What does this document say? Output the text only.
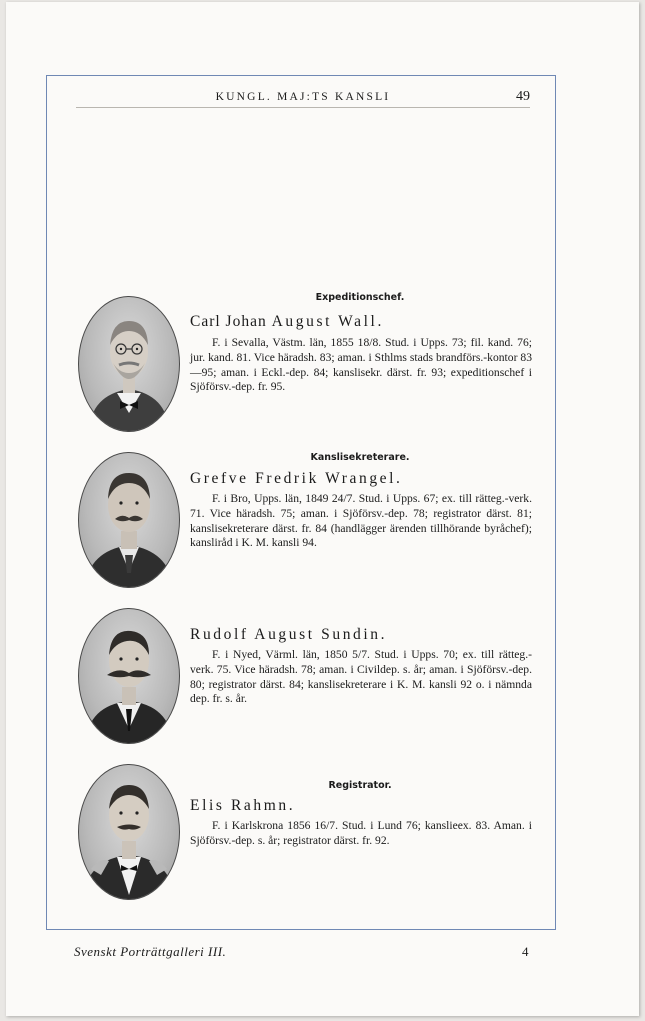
KUNGL. MAJ:TS KANSLI	49
Expeditionschef.
Carl Johan August Wall.

F. i Sevalla, Västm. län, 1855 18/8. Stud. i Upps. 73; fil. kand. 76; jur. kand. 81. Vice häradsh. 83; aman. i Sthlms stads brandförs.-kontor 83—95; aman. i Eckl.-dep. 84; kanslisekr. därst. fr. 93; expeditionschef i Sjöförsv.-dep. fr. 95.

Kanslisekreterare.
Grefve Fredrik Wrangel.

F. i Bro, Upps. län, 1849 24/7. Stud. i Upps. 67; ex. till rätteg.-verk. 71. Vice häradsh. 75; aman. i Sjöförsv.-dep. 78; registrator därst. 81; kanslisekreterare därst. fr. 84 (handlägger ärenden tillhörande byråchef); kansliråd i K. M. kansli 94.

Rudolf August Sundin.

F. i Nyed, Värml. län, 1850 5/7. Stud. i Upps. 70; ex. till rätteg.-verk. 75. Vice häradsh. 78; aman. i Civildep. s. år; aman. i Sjöförsv.-dep. 80; registrator därst. 84; kanslisekreterare i K. M. kansli 92 o. i nämnda dep. fr. s. år.

Registrator.
Elis Rahmn.

F. i Karlskrona 1856 16/7. Stud. i Lund 76; kanslieex. 83. Aman. i Sjöförsv.-dep. s. år; registrator därst. fr. 92.

Svenskt Porträttgalleri III.	4
